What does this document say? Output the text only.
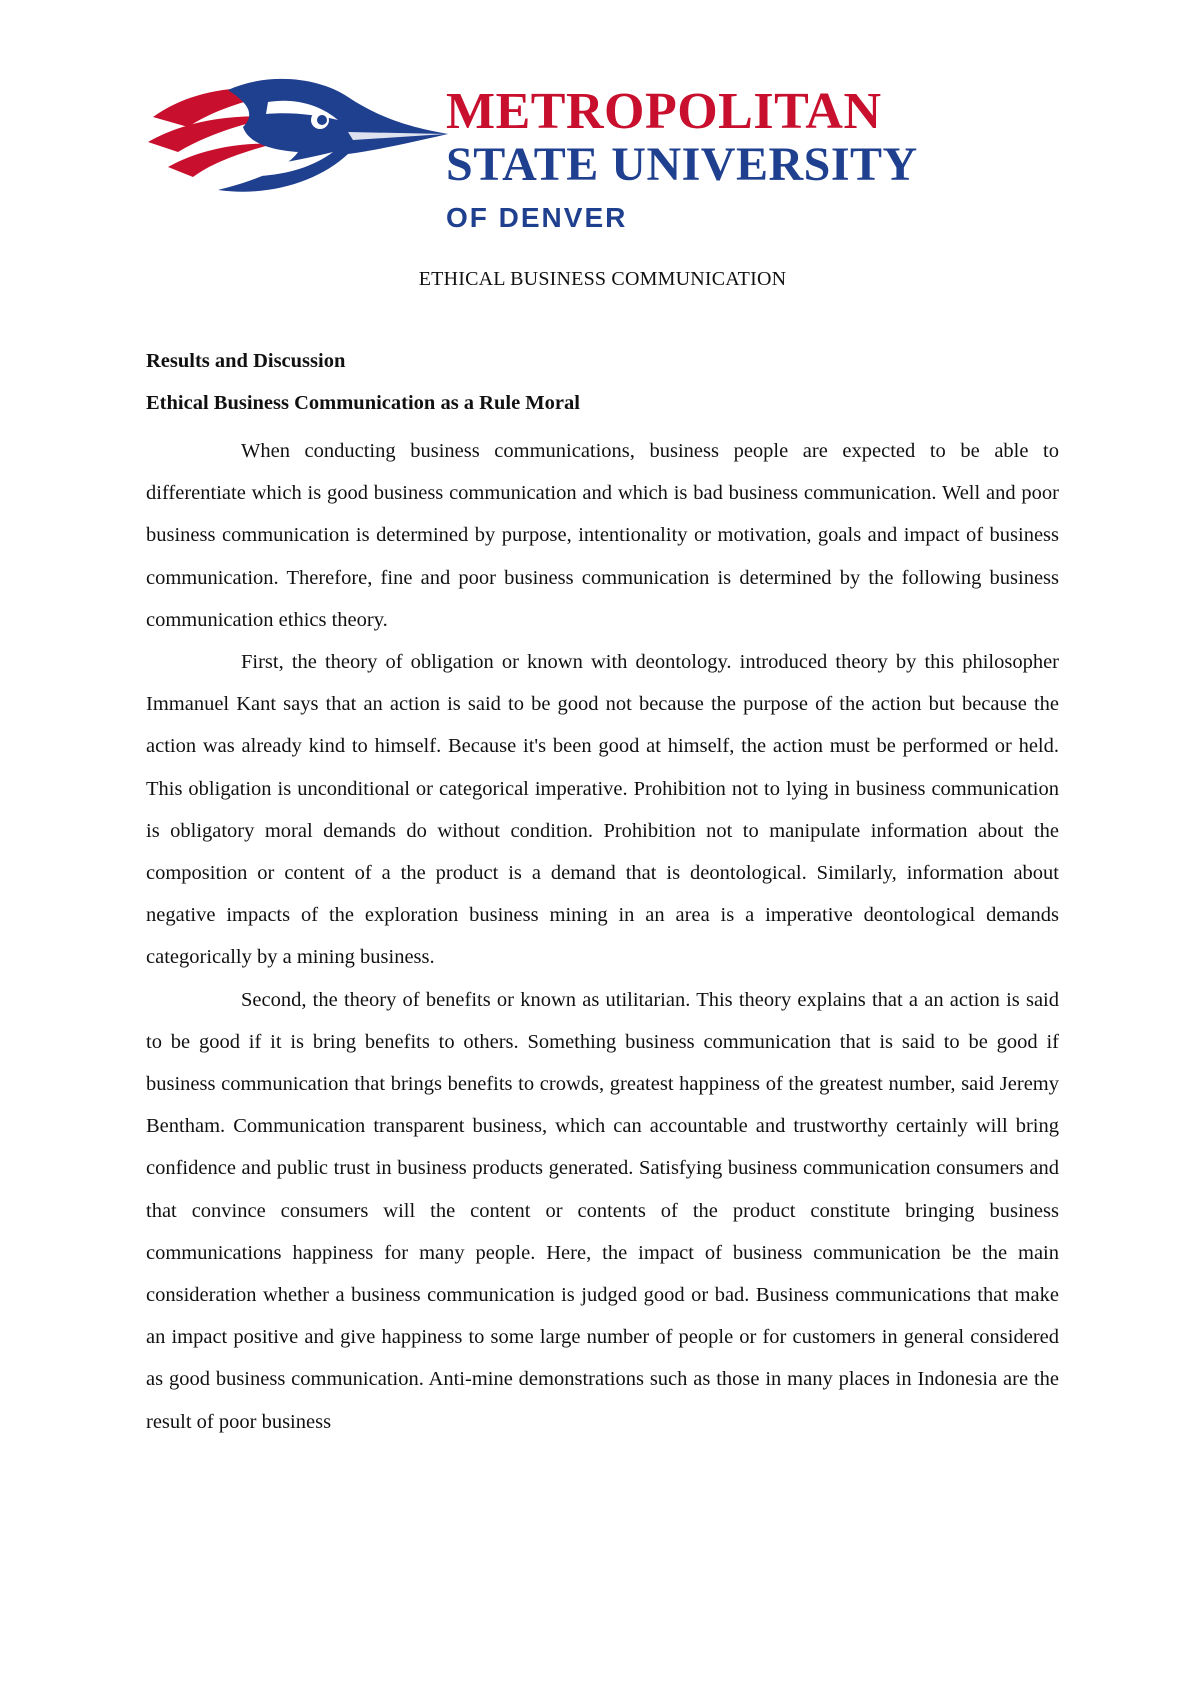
METROPOLITAN
STATE UNIVERSITY
OF DENVER
ETHICAL BUSINESS COMMUNICATION
Results and Discussion
Ethical Business Communication as a Rule Moral

When conducting business communications, business people are expected to be able to differentiate which is good business communication and which is bad business communication. Well and poor business communication is determined by purpose, intentionality or motivation, goals and impact of business communication. Therefore, fine and poor business communication is determined by the following business communication ethics theory.

First, the theory of obligation or known with deontology. introduced theory by this philosopher Immanuel Kant says that an action is said to be good not because the purpose of the action but because the action was already kind to himself. Because it's been good at himself, the action must be performed or held. This obligation is unconditional or categorical imperative. Prohibition not to lying in business communication is obligatory moral demands do without condition. Prohibition not to manipulate information about the composition or content of a the product is a demand that is deontological. Similarly, information about negative impacts of the exploration business mining in an area is a imperative deontological demands categorically by a mining business.

Second, the theory of benefits or known as utilitarian. This theory explains that a an action is said to be good if it is bring benefits to others. Something business communication that is said to be good if business communication that brings benefits to crowds, greatest happiness of the greatest number, said Jeremy Bentham. Communication transparent business, which can accountable and trustworthy certainly will bring confidence and public trust in business products generated. Satisfying business communication consumers and that convince consumers will the content or contents of the product constitute bringing business communications happiness for many people. Here, the impact of business communication be the main consideration whether a business communication is judged good or bad. Business communications that make an impact positive and give happiness to some large number of people or for customers in general considered as good business communication. Anti-mine demonstrations such as those in many places in Indonesia are the result of poor business
